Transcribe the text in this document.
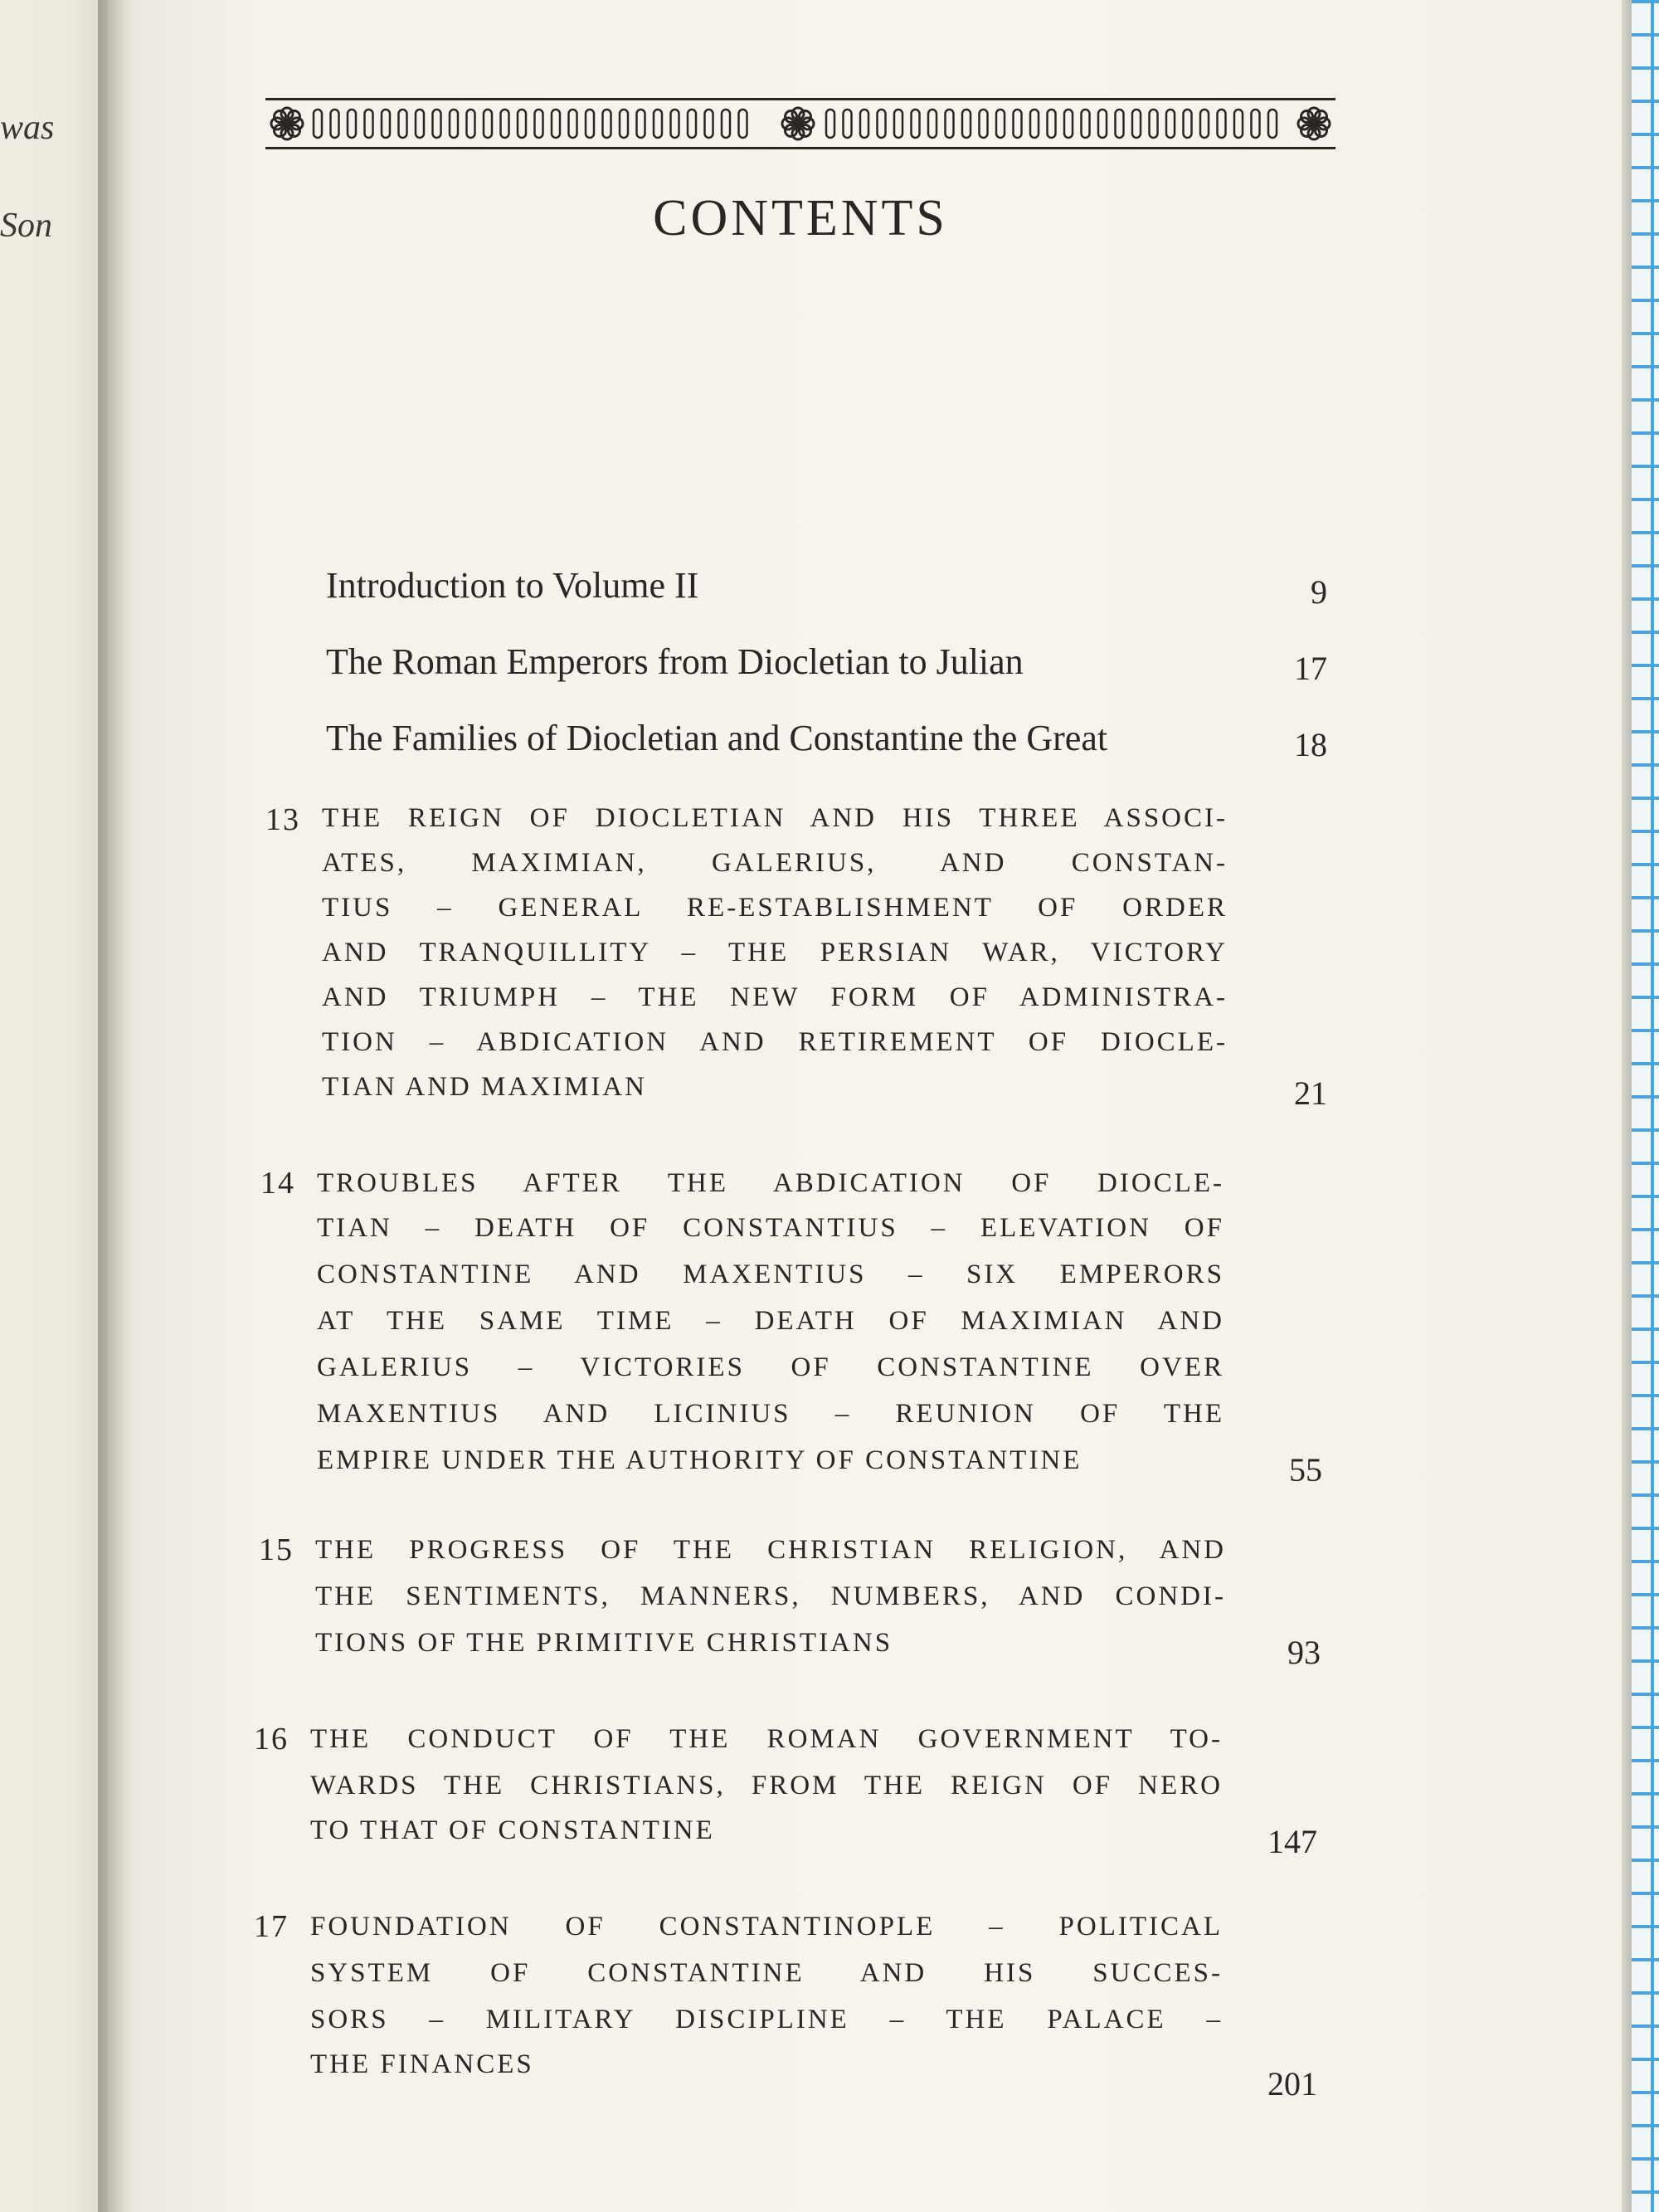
was
Son	CONTENTS
Introduction to Volume II	9
The Roman Emperors from Diocletian to Julian	17
The Families of Diocletian and Constantine the Great	18
13 THE REIGN OF DIOCLETIAN AND HIS THREE ASSOCI-
ATES, MAXIMIAN, GALERIUS, AND CONSTAN-
TIUS – GENERAL RE-ESTABLISHMENT OF ORDER
AND TRANQUILLITY – THE PERSIAN WAR, VICTORY
AND TRIUMPH – THE NEW FORM OF ADMINISTRA-
TION – ABDICATION AND RETIREMENT OF DIOCLE-
TIAN AND MAXIMIAN	21
14 TROUBLES AFTER THE ABDICATION OF DIOCLE-
TIAN – DEATH OF CONSTANTIUS – ELEVATION OF
CONSTANTINE AND MAXENTIUS – SIX EMPERORS
AT THE SAME TIME – DEATH OF MAXIMIAN AND
GALERIUS – VICTORIES OF CONSTANTINE OVER
MAXENTIUS AND LICINIUS – REUNION OF THE
EMPIRE UNDER THE AUTHORITY OF CONSTANTINE	55
15 THE PROGRESS OF THE CHRISTIAN RELIGION, AND
THE SENTIMENTS, MANNERS, NUMBERS, AND CONDI-
TIONS OF THE PRIMITIVE CHRISTIANS	93
16 THE CONDUCT OF THE ROMAN GOVERNMENT TO-
WARDS THE CHRISTIANS, FROM THE REIGN OF NERO
TO THAT OF CONSTANTINE	147
17 FOUNDATION OF CONSTANTINOPLE – POLITICAL
SYSTEM OF CONSTANTINE AND HIS SUCCES-
SORS – MILITARY DISCIPLINE – THE PALACE –
THE FINANCES
201
